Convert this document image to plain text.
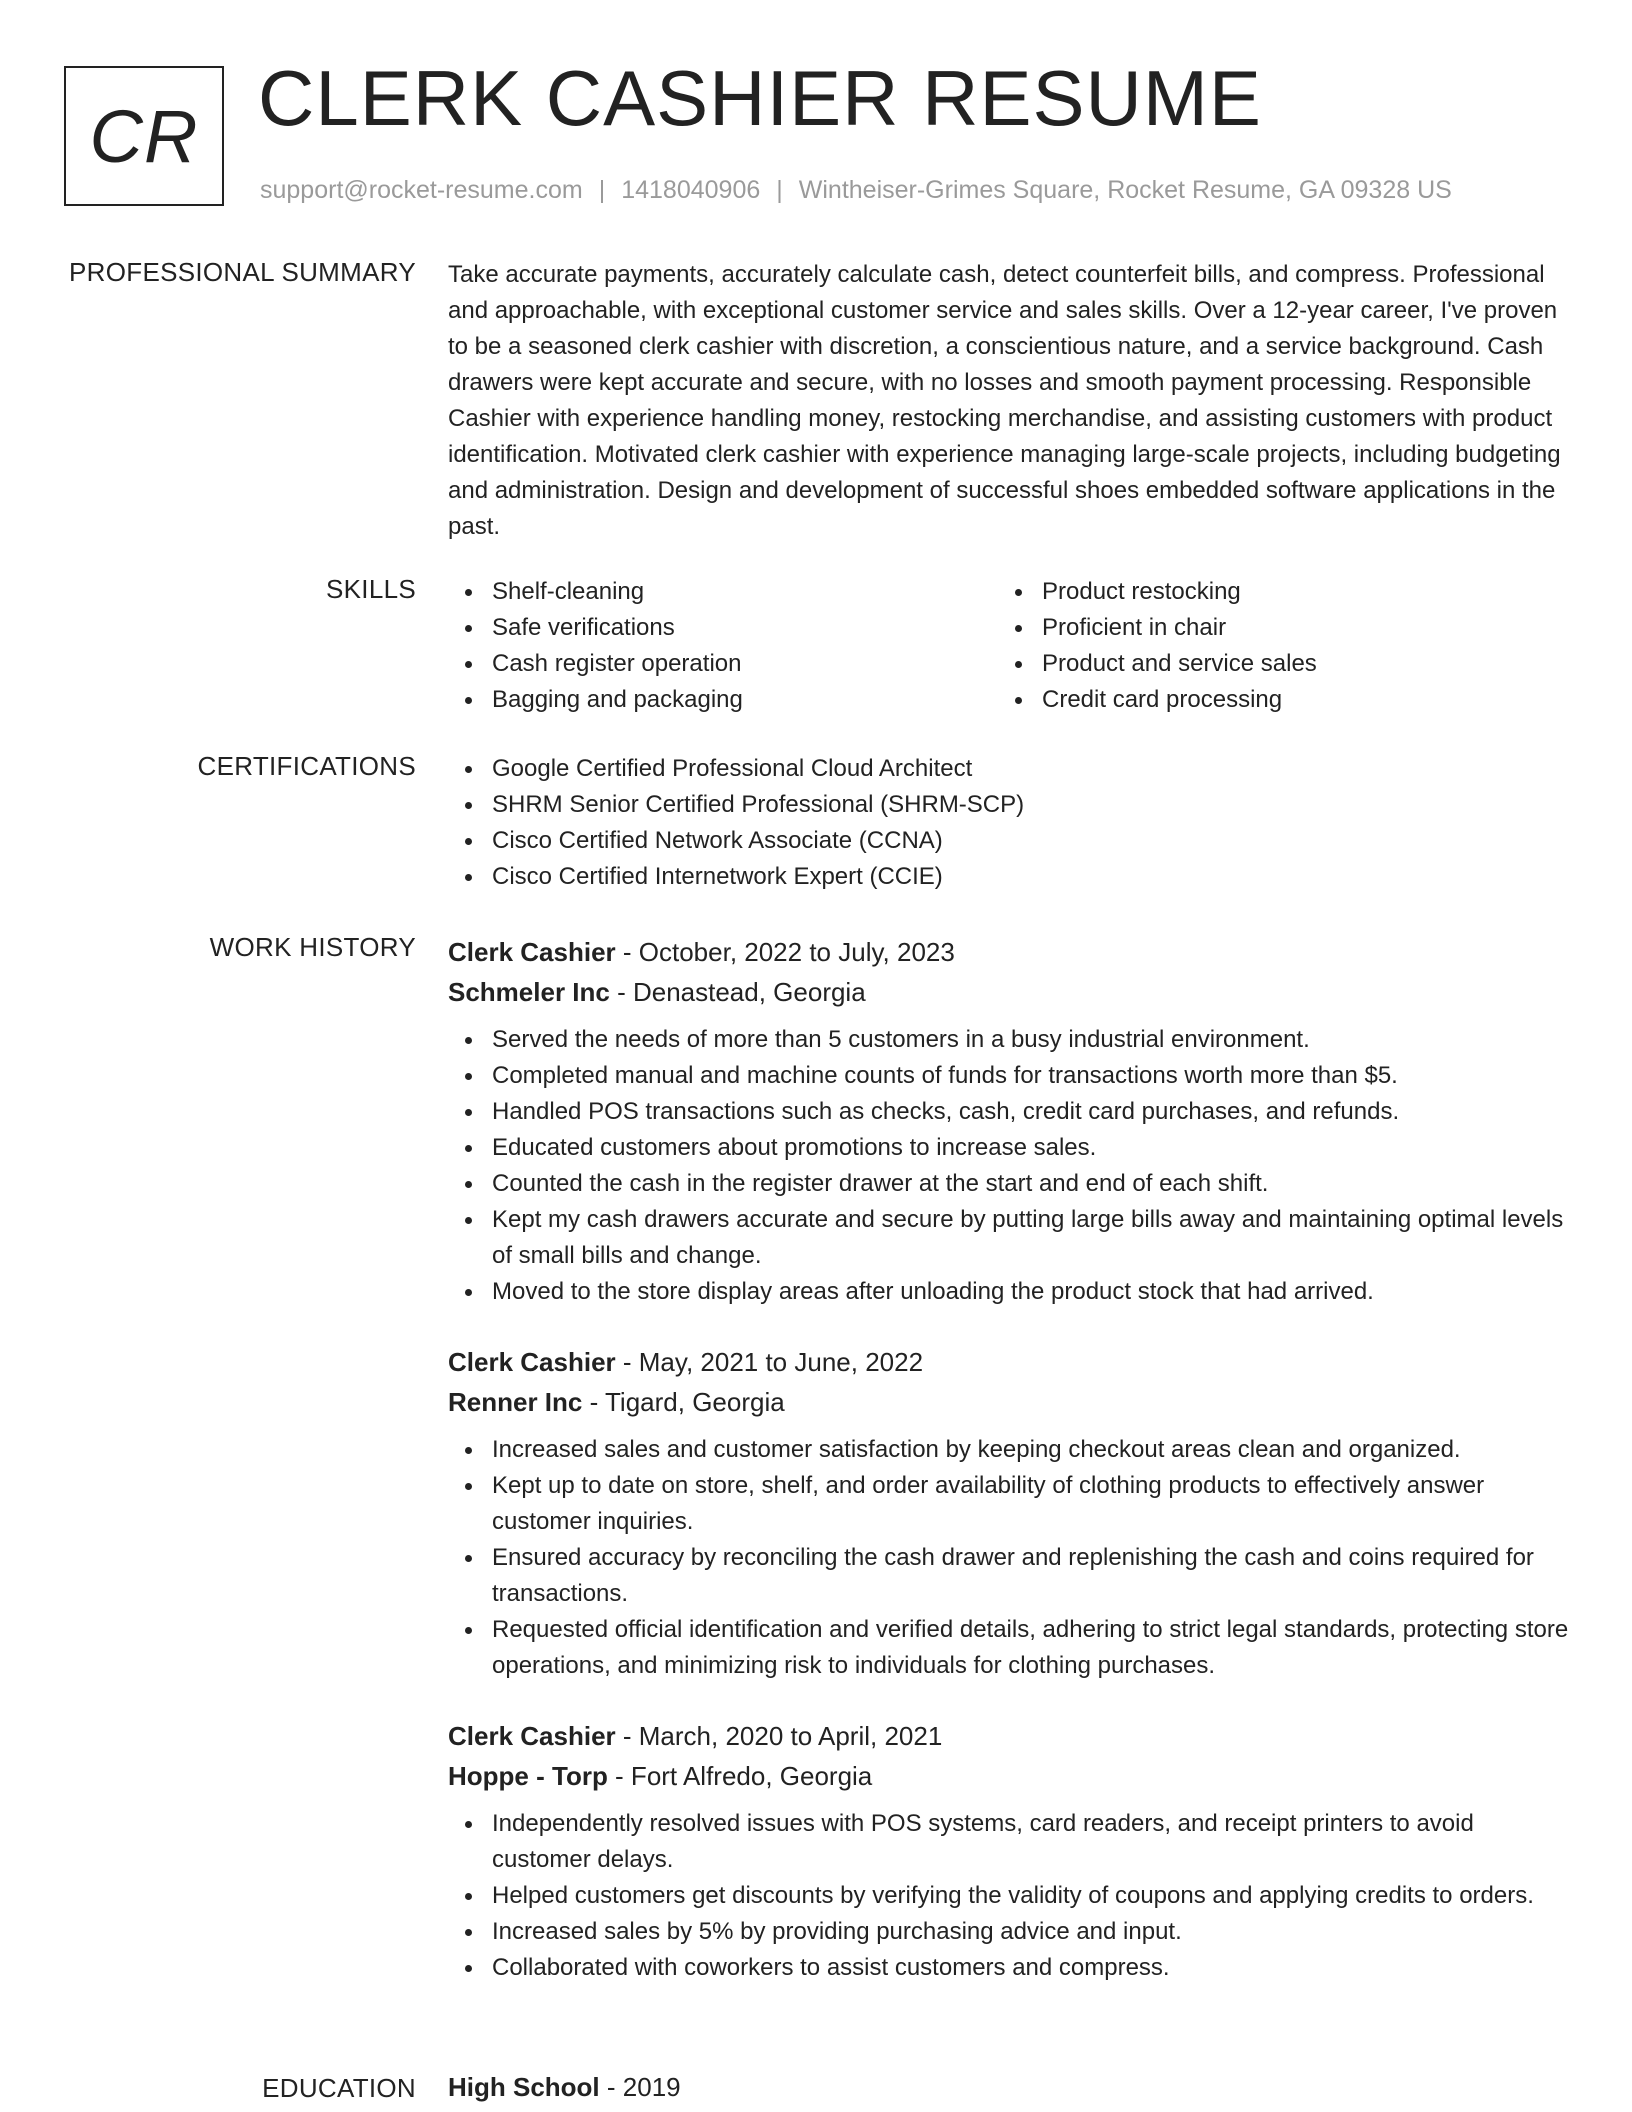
CR CLERK CASHIER RESUME
support@rocket-resume.com | 1418040906 | Wintheiser-Grimes Square, Rocket Resume, GA 09328 US
PROFESSIONAL SUMMARY Take accurate payments, accurately calculate cash, detect counterfeit bills, and compress. Professional and approachable, with exceptional customer service and sales skills. Over a 12-year career, I've proven to be a seasoned clerk cashier with discretion, a conscientious nature, and a service background. Cash drawers were kept accurate and secure, with no losses and smooth payment processing. Responsible Cashier with experience handling money, restocking merchandise, and assisting customers with product identification. Motivated clerk cashier with experience managing large-scale projects, including budgeting and administration. Design and development of successful shoes embedded software applications in the past.

SKILLS	Shelf-cleaning
Safe verifications
Cash register operation
Bagging and packaging
Product restocking
Proficient in chair
Product and service sales
Credit card processing
CERTIFICATIONS	Google Certified Professional Cloud Architect
SHRM Senior Certified Professional (SHRM-SCP)
Cisco Certified Network Associate (CCNA)
Cisco Certified Internetwork Expert (CCIE)
WORK HISTORY Clerk Cashier - October, 2022 to July, 2023
Schmeler Inc - Denastead, Georgia
Served the needs of more than 5 customers in a busy industrial environment.
Completed manual and machine counts of funds for transactions worth more than $5.
Handled POS transactions such as checks, cash, credit card purchases, and refunds.
Educated customers about promotions to increase sales.
Counted the cash in the register drawer at the start and end of each shift.
Kept my cash drawers accurate and secure by putting large bills away and maintaining optimal levels of small bills and change.
Moved to the store display areas after unloading the product stock that had arrived.
Clerk Cashier - May, 2021 to June, 2022
Renner Inc - Tigard, Georgia
Increased sales and customer satisfaction by keeping checkout areas clean and organized.
Kept up to date on store, shelf, and order availability of clothing products to effectively answer customer inquiries.
Ensured accuracy by reconciling the cash drawer and replenishing the cash and coins required for transactions.
Requested official identification and verified details, adhering to strict legal standards, protecting store operations, and minimizing risk to individuals for clothing purchases.
Clerk Cashier - March, 2020 to April, 2021
Hoppe - Torp - Fort Alfredo, Georgia
Independently resolved issues with POS systems, card readers, and receipt printers to avoid customer delays.
Helped customers get discounts by verifying the validity of coupons and applying credits to orders.
Increased sales by 5% by providing purchasing advice and input.
Collaborated with coworkers to assist customers and compress.
EDUCATION High School - 2019
